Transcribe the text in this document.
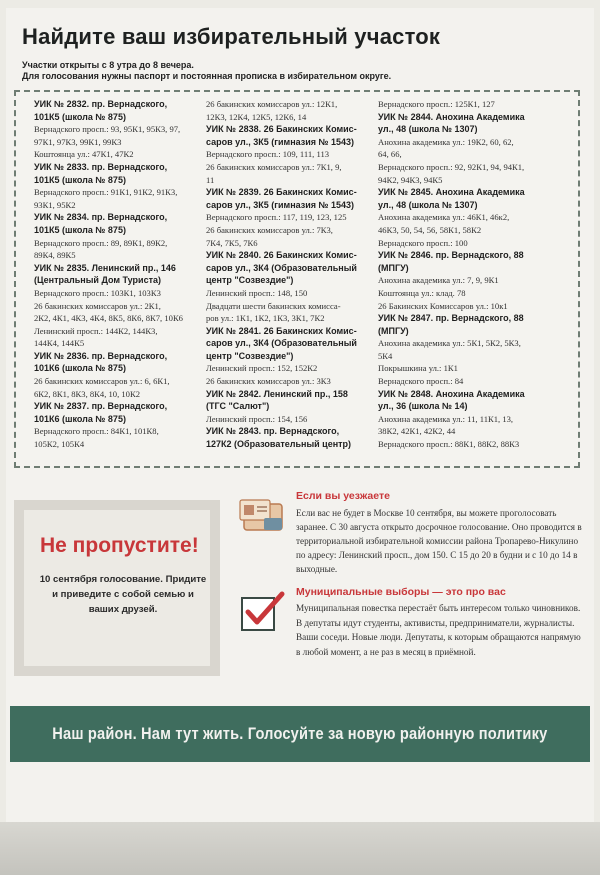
Найдите ваш избирательный участок
Участки открыты с 8 утра до 8 вечера.
Для голосования нужны паспорт и постоянная прописка в избирательном округе.
УИК № 2832. пр. Вернадского,
101К5 (школа № 875)
Вернадского просп.: 93, 95К1, 95К3, 97,
97К1, 97К3, 99К1, 99К3
Коштоянца ул.: 47К1, 47К2
УИК № 2833. пр. Вернадского,
101К5 (школа № 875)
Вернадского просп.: 91К1, 91К2, 91К3,
93К1, 95К2
УИК № 2834. пр. Вернадского,
101К5 (школа № 875)
Вернадского просп.: 89, 89К1, 89К2,
89К4, 89К5
УИК № 2835. Ленинский пр., 146
(Центральный Дом Туриста)
Вернадского просп.: 103К1, 103К3
26 бакинских комиссаров ул.: 2К1,
2К2, 4К1, 4К3, 4К4, 8К5, 8К6, 8К7, 10К6
Ленинский просп.: 144К2, 144К3,
144К4, 144К5
УИК № 2836. пр. Вернадского,
101К6 (школа № 875)
26 бакинских комиссаров ул.: 6, 6К1,
6К2, 8К1, 8К3, 8К4, 10, 10К2
УИК № 2837. пр. Вернадского,
101К6 (школа № 875)
Вернадского просп.: 84К1, 101К8,
105К2, 105К4
26 бакинских комиссаров ул.: 12К1,
12К3, 12К4, 12К5, 12К6, 14
УИК № 2838. 26 Бакинских Комис-
саров ул., 3К5 (гимназия № 1543)
Вернадского просп.: 109, 111, 113
26 бакинских комиссаров ул.: 7К1, 9,
11
УИК № 2839. 26 Бакинских Комис-
саров ул., 3К5 (гимназия № 1543)
Вернадского просп.: 117, 119, 123, 125
26 бакинских комиссаров ул.: 7К3,
7К4, 7К5, 7К6
УИК № 2840. 26 Бакинских Комис-
саров ул., 3К4 (Образовательный
центр "Созвездие")
Ленинский просп.: 148, 150
Двадцати шести бакинских комисса-
ров ул.: 1К1, 1К2, 1К3, 3К1, 7К2
УИК № 2841. 26 Бакинских Комис-
саров ул., 3К4 (Образовательный
центр "Созвездие")
Ленинский просп.: 152, 152К2
26 бакинских комиссаров ул.: 3К3
УИК № 2842. Ленинский пр., 158
(ТГС "Салют")
Ленинский просп.: 154, 156
УИК № 2843. пр. Вернадского,
127К2 (Образовательный центр)
Вернадского просп.: 125К1, 127
УИК № 2844. Анохина Академика
ул., 48 (школа № 1307)
Анохина академика ул.: 19К2, 60, 62,
64, 66,
Вернадского просп.: 92, 92К1, 94, 94К1,
94К2, 94К3, 94К5
УИК № 2845. Анохина Академика
ул., 48 (школа № 1307)
Анохина академика ул.: 46К1, 46к2,
46К3, 50, 54, 56, 58К1, 58К2
Вернадского просп.: 100
УИК № 2846. пр. Вернадского, 88
(МПГУ)
Анохина академика ул.: 7, 9, 9К1
Коштоянца ул.: клад. 78
26 Бакинских Комиссаров ул.: 10к1
УИК № 2847. пр. Вернадского, 88
(МПГУ)
Анохина академика ул.: 5К1, 5К2, 5К3,
5К4
Покрышкина ул.: 1К1
Вернадского просп.: 84
УИК № 2848. Анохина Академика
ул., 36 (школа № 14)
Анохина академика ул.: 11, 11К1, 13,
38К2, 42К1, 42К2, 44
Вернадского просп.: 88К1, 88К2, 88К3
Не пропустите!
10 сентября голосование. Придите и приведите с собой семью и ваших друзей.
Если вы уезжаете
Если вас не будет в Москве 10 сентября, вы можете проголосовать заранее. С 30 августа открыто досрочное голосование. Оно проводится в территориальной избирательной комиссии района Тропарево-Никулино по адресу: Ленинский просп., дом 150. С 15 до 20 в будни и с 10 до 14 в выходные.
Муниципальные выборы — это про вас
Муниципальная повестка перестаёт быть интересом только чиновников. В депутаты идут студенты, активисты, предприниматели, журналисты. Ваши соседи. Новые люди. Депутаты, к которым обращаются напрямую в любой момент, а не раз в месяц в приёмной.
Наш район. Нам тут жить. Голосуйте за новую районную политику
